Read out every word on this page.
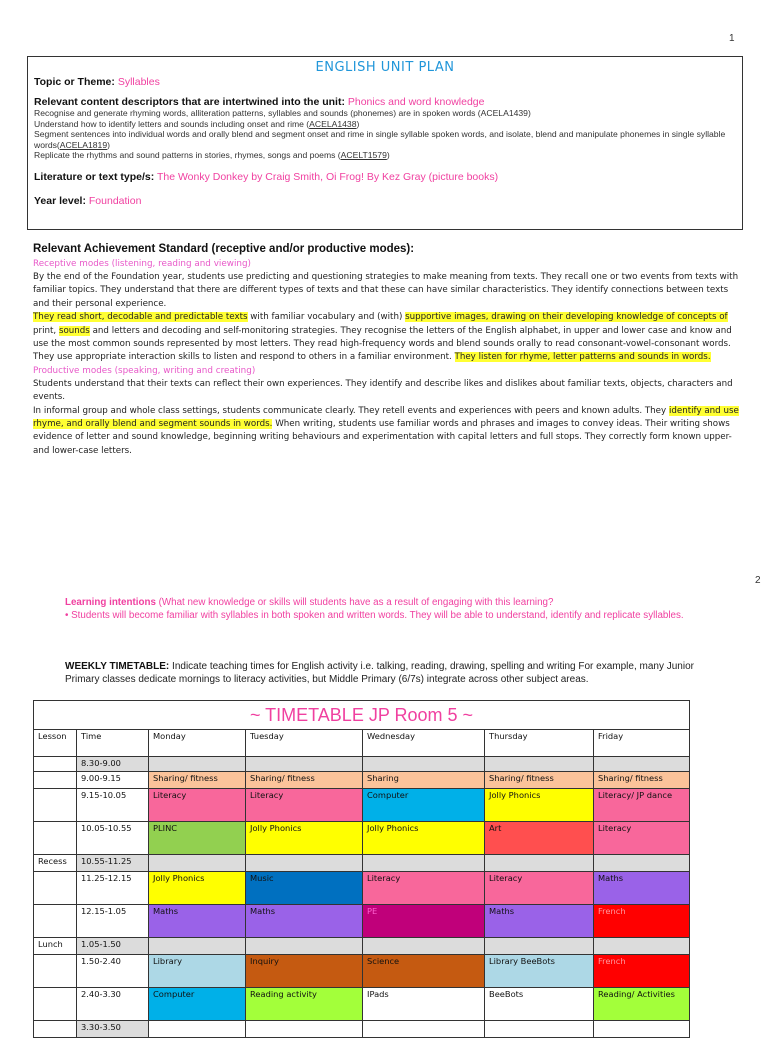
1
ENGLISH UNIT PLAN

Topic or Theme: Syllables

Relevant content descriptors that are intertwined into the unit: Phonics and word knowledge

Recognise and generate rhyming words, alliteration patterns, syllables and sounds (phonemes) are in spoken words (ACELA1439)

Understand how to identify letters and sounds including onset and rime (ACELA1438)

Segment sentences into individual words and orally blend and segment onset and rime in single syllable spoken words, and isolate, blend and manipulate phonemes in single syllable words(ACELA1819)

Replicate the rhythms and sound patterns in stories, rhymes, songs and poems (ACELT1579)

Literature or text type/s: The Wonky Donkey by Craig Smith, Oi Frog! By Kez Gray (picture books)

Year level: Foundation

Relevant Achievement Standard (receptive and/or productive modes):

Receptive modes (listening, reading and viewing)

By the end of the Foundation year, students use predicting and questioning strategies to make meaning from texts. They recall one or two events from texts with familiar topics. They understand that there are different types of texts and that these can have similar characteristics. They identify connections between texts and their personal experience.

They read short, decodable and predictable texts with familiar vocabulary and (with) supportive images, drawing on their developing knowledge of concepts of print, sounds and letters and decoding and self-monitoring strategies. They recognise the letters of the English alphabet, in upper and lower case and know and use the most common sounds represented by most letters. They read high-frequency words and blend sounds orally to read consonant-vowel-consonant words. They use appropriate interaction skills to listen and respond to others in a familiar environment. They listen for rhyme, letter patterns and sounds in words.

Productive modes (speaking, writing and creating)

Students understand that their texts can reflect their own experiences. They identify and describe likes and dislikes about familiar texts, objects, characters and events.

In informal group and whole class settings, students communicate clearly. They retell events and experiences with peers and known adults. They identify and use rhyme, and orally blend and segment sounds in words. When writing, students use familiar words and phrases and images to convey ideas. Their writing shows evidence of letter and sound knowledge, beginning writing behaviours and experimentation with capital letters and full stops. They correctly form known upper- and lower-case letters.

2
Learning intentions (What new knowledge or skills will students have as a result of engaging with this learning?
• Students will become familiar with syllables in both spoken and written words. They will be able to understand, identify and replicate syllables.
WEEKLY TIMETABLE: Indicate teaching times for English activity i.e. talking, reading, drawing, spelling and writing For example, many Junior Primary classes dedicate mornings to literacy activities, but Middle Primary (6/7s) integrate across other subject areas.
~ TIMETABLE JP Room 5 ~						
Lesson	Time	Monday	Tuesday	Wednesday	Thursday	Friday
	8.30-9.00					
	9.00-9.15	Sharing/ fitness	Sharing/ fitness	Sharing	Sharing/ fitness	Sharing/ fitness
	9.15-10.05	Literacy	Literacy	Computer	Jolly Phonics	Literacy/ JP dance
	10.05-10.55	PLINC	Jolly Phonics	Jolly Phonics	Art	Literacy
Recess	10.55-11.25					
	11.25-12.15	Jolly Phonics	Music	Literacy	Literacy	Maths
	12.15-1.05	Maths	Maths	PE	Maths	French
Lunch	1.05-1.50					
	1.50-2.40	Library	Inquiry	Science	Library BeeBots	French
	2.40-3.30	Computer	Reading activity	IPads	BeeBots	Reading/ Activities
	3.30-3.50					
